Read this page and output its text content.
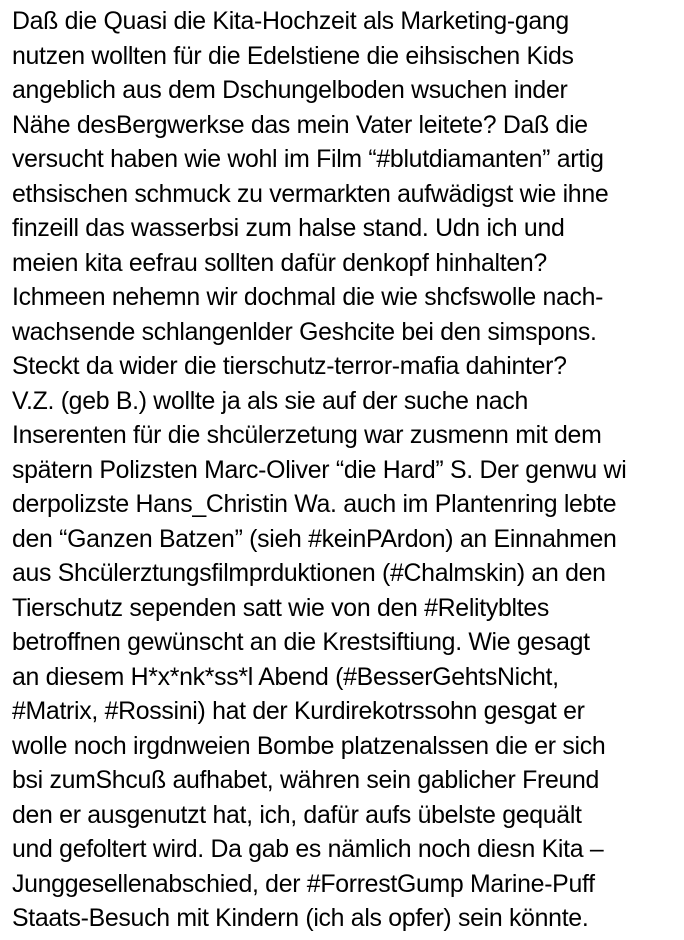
Daß die Quasi die Kita-Hochzeit als Marketing-gang
nutzen wollten für die Edelstiene die eihsischen Kids
angeblich aus dem Dschungelboden wsuchen inder
Nähe desBergwerkse das mein Vater leitete? Daß die
versucht haben wie wohl im Film “#blutdiamanten” artig
ethsischen schmuck zu vermarkten aufwädigst wie ihne
finzeill das wasserbsi zum halse stand. Udn ich und
meien kita eefrau sollten dafür denkopf hinhalten?
Ichmeen nehemn wir dochmal die wie shcfswolle nach-
wachsende schlangenlder Geshcite bei den simspons.
Steckt da wider die tierschutz-terror-mafia dahinter?
V.Z. (geb B.) wollte ja als sie auf der suche nach
Inserenten für die shcülerzetung war zusmenn mit dem
spätern Polizsten Marc-Oliver “die Hard” S. Der genwu wi
derpolizste Hans_Christin Wa. auch im Plantenring lebte
den “Ganzen Batzen” (sieh #keinPArdon) an Einnahmen
aus Shcülerztungsfilmprduktionen (#Chalmskin) an den
Tierschutz sependen satt wie von den #Relitybltes
betroffnen gewünscht an die Krestsiftiung. Wie gesagt
an diesem H*x*nk*ss*l Abend (#BesserGehtsNicht,
#Matrix, #Rossini) hat der Kurdirekotrssohn gesgat er
wolle noch irgdnweien Bombe platzenalssen die er sich
bsi zumShcuß aufhabet, währen sein gablicher Freund
den er ausgenutzt hat, ich, dafür aufs übelste gequält
und gefoltert wird. Da gab es nämlich noch diesn Kita –
Junggesellenabschied, der #ForrestGump Marine-Puff
Staats-Besuch mit Kindern (ich als opfer) sein könnte.
